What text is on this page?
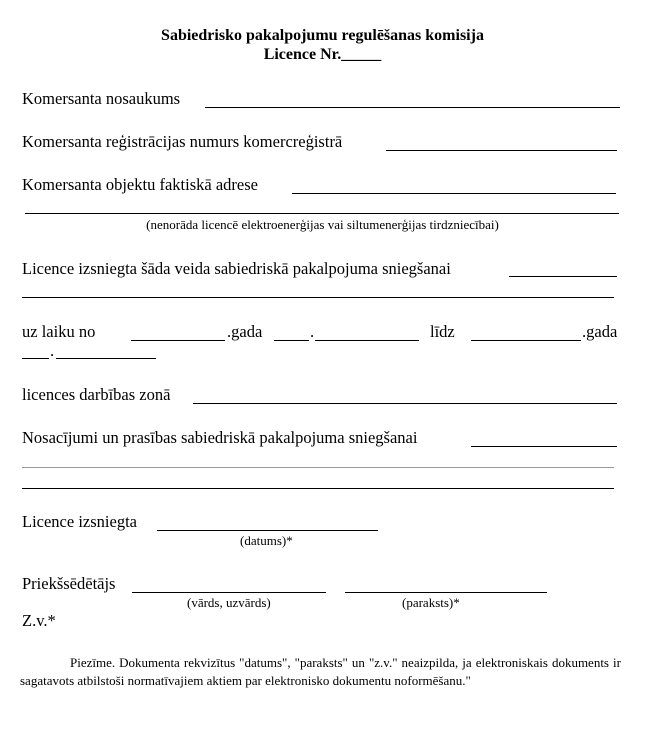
Sabiedrisko pakalpojumu regulēšanas komisija
Licence Nr._____
Komersanta nosaukums
Komersanta reģistrācijas numurs komercreģistrā
Komersanta objektu faktiskā adrese
(nenorāda licencē elektroenerģijas vai siltumenerģijas tirdzniecībai)
Licence izsniegta šāda veida sabiedriskā pakalpojuma sniegšanai
uz laiku no	.gada	.	līdz	.gada
.
licences darbības zonā
Nosacījumi un prasības sabiedriskā pakalpojuma sniegšanai
Licence izsniegta
(datums)*
Priekšsēdētājs
(vārds, uzvārds)	(paraksts)*
Z.v.*

Piezīme. Dokumenta rekvizītus "datums", "paraksts" un "z.v." neaizpilda, ja elektroniskais dokuments ir sagatavots atbilstoši normatīvajiem aktiem par elektronisko dokumentu noformēšanu."
